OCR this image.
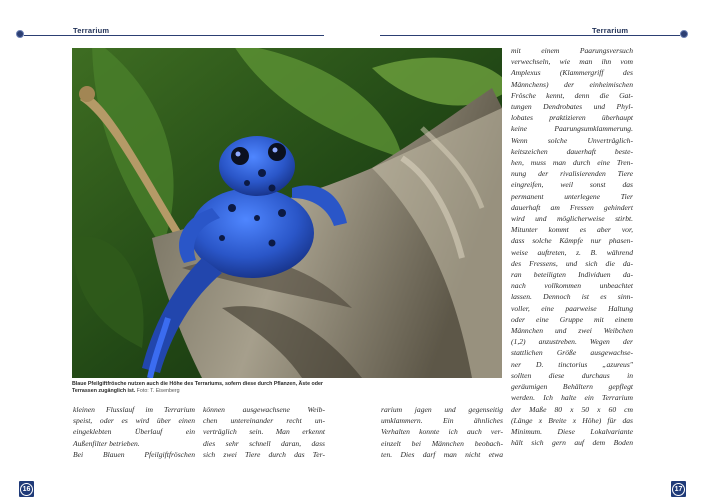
Terrarium	Terrarium
Blaue Pfeilgiftfrösche nutzen auch die Höhe des Terrariums, sofern diese durch Pflanzen, Äste oder Terrassen zugänglich ist. Foto: T. Eisenberg
kleinen Flusslauf im Terrarium
speist, oder es wird über einen
eingeklebten Überlauf ein
Außenfilter betrieben.
Bei Blauen Pfeilgiftfröschen
können ausgewachsene Weib-
chen untereinander recht un-
verträglich sein. Man erkennt
dies sehr schnell daran, dass
sich zwei Tiere durch das Ter-
rarium jagen und gegenseitig
umklammern. Ein ähnliches
Verhalten konnte ich auch ver-
einzelt bei Männchen beobach-
ten. Dies darf man nicht etwa
mit einem Paarungsversuch
verwechseln, wie man ihn vom
Amplexus (Klammergriff des
Männchens) der einheimischen
Frösche kennt, denn die Gat-
tungen Dendrobates und Phyl-
lobates praktizieren überhaupt
keine Paarungsumklammerung.
Wenn solche Unverträglich-
keitszeichen dauerhaft beste-
hen, muss man durch eine Tren-
nung der rivalisierenden Tiere
eingreifen, weil sonst das
permanent unterlegene Tier
dauerhaft am Fressen gehindert
wird und möglicherweise stirbt.
Mitunter kommt es aber vor,
dass solche Kämpfe nur phasen-
weise auftreten, z. B. während
des Fressens, und sich die da-
ran beteiligten Individuen da-
nach vollkommen unbeachtet
lassen. Dennoch ist es sinn-
voller, eine paarweise Haltung
oder eine Gruppe mit einem
Männchen und zwei Weibchen
(1,2) anzustreben. Wegen der
stattlichen Größe ausgewachse-
ner D. tinctorius „azureus"
sollten diese durchaus in
geräumigen Behältern gepflegt
werden. Ich halte ein Terrarium
der Maße 80 x 50 x 60 cm
(Länge x Breite x Höhe) für das
Minimum. Diese Lokalvariante
hält sich gern auf dem Boden
16	17
